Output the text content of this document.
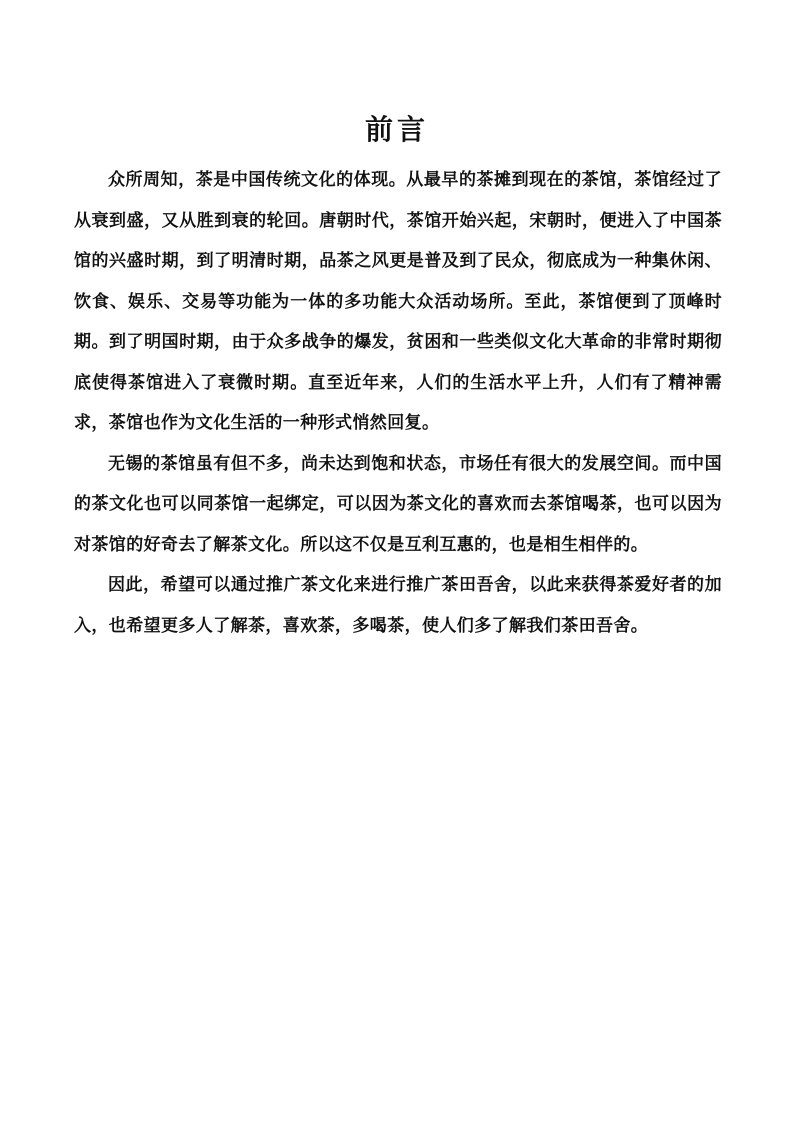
前言

众所周知，茶是中国传统文化的体现。从最早的茶摊到现在的茶馆，茶馆经过了从衰到盛，又从胜到衰的轮回。唐朝时代，茶馆开始兴起，宋朝时，便进入了中国茶馆的兴盛时期，到了明清时期，品茶之风更是普及到了民众，彻底成为一种集休闲、饮食、娱乐、交易等功能为一体的多功能大众活动场所。至此，茶馆便到了顶峰时期。到了明国时期，由于众多战争的爆发，贫困和一些类似文化大革命的非常时期彻底使得茶馆进入了衰微时期。直至近年来，人们的生活水平上升，人们有了精神需求，茶馆也作为文化生活的一种形式悄然回复。

无锡的茶馆虽有但不多，尚未达到饱和状态，市场任有很大的发展空间。而中国的茶文化也可以同茶馆一起绑定，可以因为茶文化的喜欢而去茶馆喝茶，也可以因为对茶馆的好奇去了解茶文化。所以这不仅是互利互惠的，也是相生相伴的。

因此，希望可以通过推广茶文化来进行推广茶田吾舍，以此来获得茶爱好者的加入，也希望更多人了解茶，喜欢茶，多喝茶，使人们多了解我们茶田吾舍。
